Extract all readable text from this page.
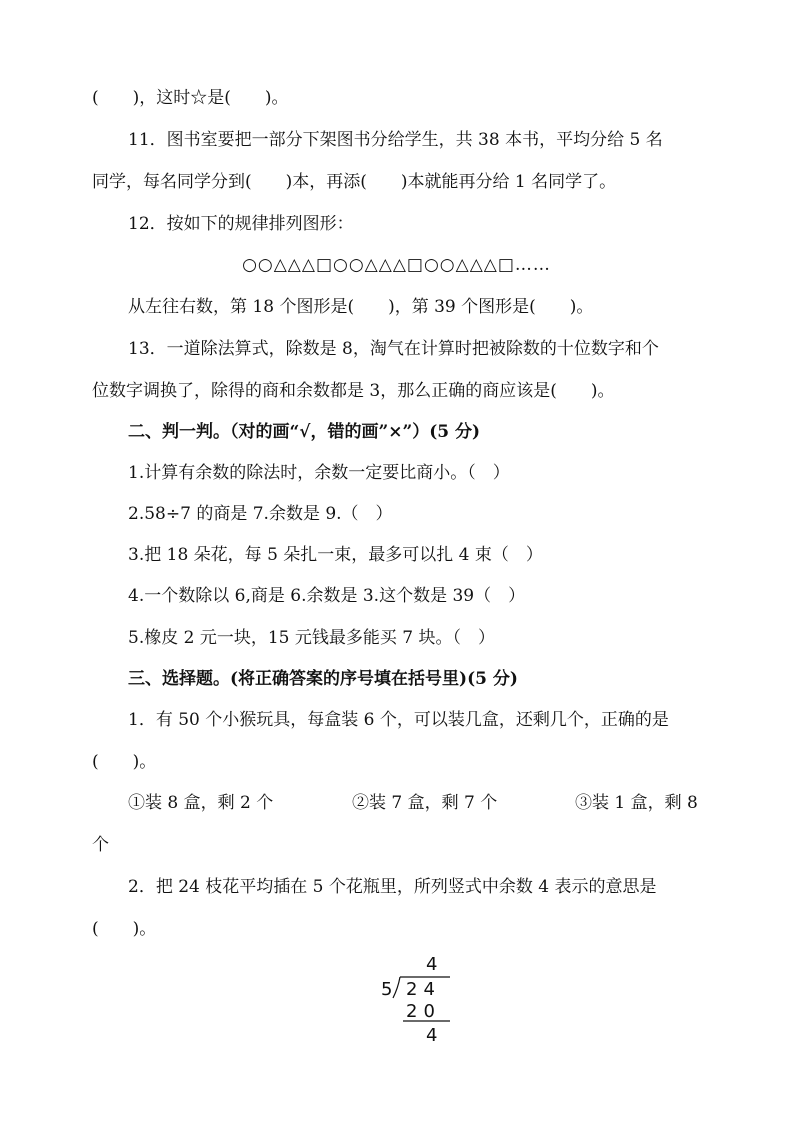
(　　)，这时☆是(　　)。
11．图书室要把一部分下架图书分给学生，共 38 本书，平均分给 5 名
同学，每名同学分到(　　)本，再添(　　)本就能再分给 1 名同学了。
12．按如下的规律排列图形：
○○△△△□○○△△△□○○△△△□……
从左往右数，第 18 个图形是(　　)，第 39 个图形是(　　)。
13．一道除法算式，除数是 8，淘气在计算时把被除数的十位数字和个
位数字调换了，除得的商和余数都是 3，那么正确的商应该是(　　)。
二、判一判。（对的画“√，错的画”×”）(5 分)
1.计算有余数的除法时，余数一定要比商小。（　）
2.58÷7 的商是 7.余数是 9.（　）
3.把 18 朵花，每 5 朵扎一束，最多可以扎 4 束（　）
4.一个数除以 6,商是 6.余数是 3.这个数是 39（　）
5.橡皮 2 元一块，15 元钱最多能买 7 块。（　）
三、选择题。(将正确答案的序号填在括号里)(5 分)
1．有 50 个小猴玩具，每盒装 6 个，可以装几盒，还剩几个，正确的是
(　　)。
①装 8 盒，剩 2 个	②装 7 盒，剩 7 个	③装 1 盒，剩 8
个
2．把 24 枝花平均插在 5 个花瓶里，所列竖式中余数 4 表示的意思是
(　　)。
4
5 24
20
4
